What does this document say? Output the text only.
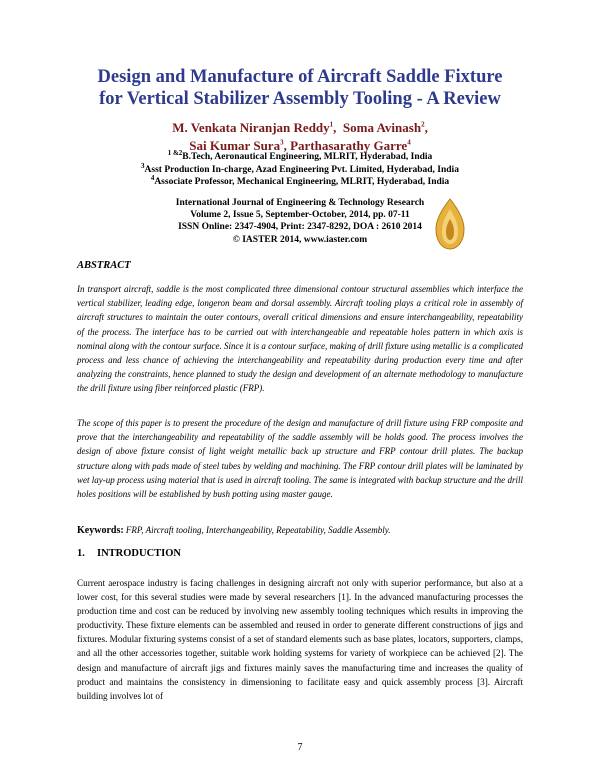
Design and Manufacture of Aircraft Saddle Fixture
for Vertical Stabilizer Assembly Tooling - A Review
M. Venkata Niranjan Reddy$^1$,  Soma Avinash$^2$,
Sai Kumar Sura$^3$, Parthasarathy Garre$^4$
$^{1 \&2}$B.Tech, Aeronautical Engineering, MLRIT, Hyderabad, India
$^3$Asst Production In-charge, Azad Engineering Pvt. Limited, Hyderabad, India
$^4$Associate Professor, Mechanical Engineering, MLRIT, Hyderabad, India
International Journal of Engineering & Technology Research
Volume 2, Issue 5, September-October, 2014, pp. 07-11
ISSN Online: 2347-4904, Print: 2347-8292, DOA : 2610 2014
© IASTER 2014, www.iaster.com
ABSTRACT
In transport aircraft, saddle is the most complicated three dimensional contour structural assemblies which interface the vertical stabilizer, leading edge, longeron beam and dorsal assembly. Aircraft tooling plays a critical role in assembly of aircraft structures to maintain the outer contours, overall critical dimensions and ensure interchangeability, repeatability of the process. The interface has to be carried out with interchangeable and repeatable holes pattern in which axis is nominal along with the contour surface. Since it is a contour surface, making of drill fixture using metallic is a complicated process and less chance of achieving the interchangeability and repeatability during production every time and after analyzing the constraints, hence planned to study the design and development of an alternate methodology to manufacture the drill fixture using fiber reinforced plastic (FRP).
The scope of this paper is to present the procedure of the design and manufacture of drill fixture using FRP composite and prove that the interchangeability and repeatability of the saddle assembly will be holds good. The process involves the design of above fixture consist of light weight metallic back up structure and FRP contour drill plates. The backup structure along with pads made of steel tubes by welding and machining. The FRP contour drill plates will be laminated by wet lay-up process using material that is used in aircraft tooling. The same is integrated with backup structure and the drill holes positions will be established by bush potting using master gauge.
Keywords: FRP, Aircraft tooling, Interchangeability, Repeatability, Saddle Assembly.
1. INTRODUCTION
Current aerospace industry is facing challenges in designing aircraft not only with superior performance, but also at a lower cost, for this several studies were made by several researchers [1]. In the advanced manufacturing processes the production time and cost can be reduced by involving new assembly tooling techniques which results in improving the productivity. These fixture elements can be assembled and reused in order to generate different constructions of jigs and fixtures. Modular fixturing systems consist of a set of standard elements such as base plates, locators, supporters, clamps, and all the other accessories together, suitable work holding systems for variety of workpiece can be achieved [2]. The design and manufacture of aircraft jigs and fixtures mainly saves the manufacturing time and increases the quality of product and maintains the consistency in dimensioning to facilitate easy and quick assembly process [3]. Aircraft building involves lot of
7
